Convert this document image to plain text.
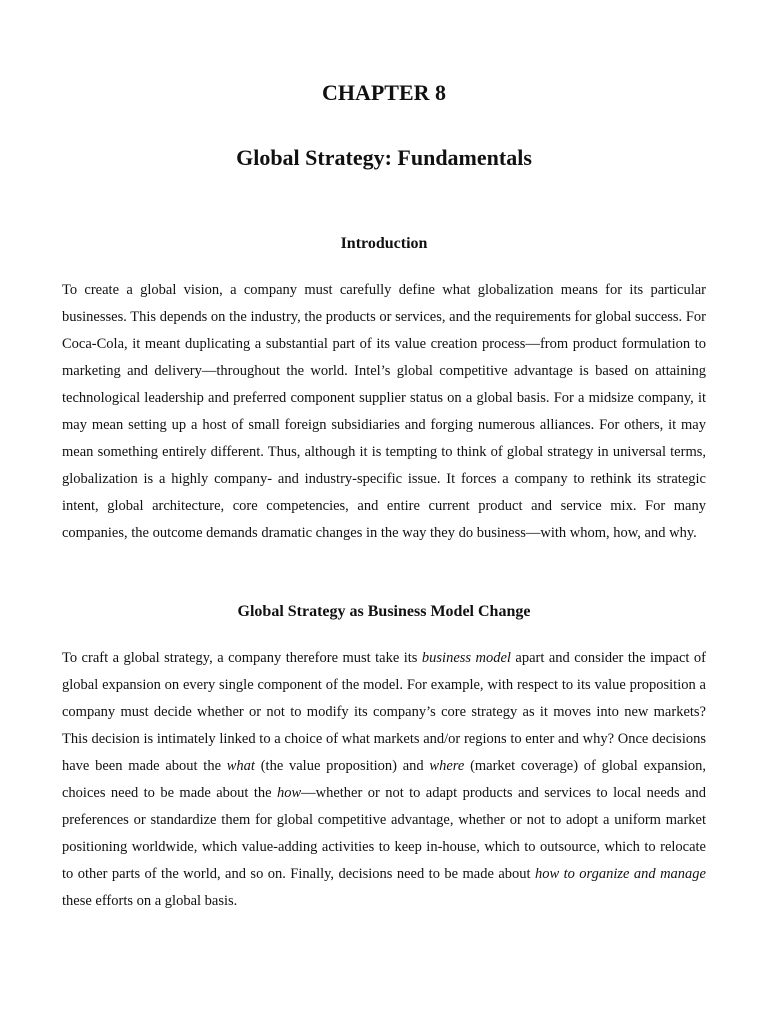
CHAPTER 8
Global Strategy: Fundamentals
Introduction

To create a global vision, a company must carefully define what globalization means for its particular businesses. This depends on the industry, the products or services, and the requirements for global success. For Coca-Cola, it meant duplicating a substantial part of its value creation process—from product formulation to marketing and delivery—throughout the world. Intel’s global competitive advantage is based on attaining technological leadership and preferred component supplier status on a global basis. For a midsize company, it may mean setting up a host of small foreign subsidiaries and forging numerous alliances. For others, it may mean something entirely different. Thus, although it is tempting to think of global strategy in universal terms, globalization is a highly company- and industry-specific issue. It forces a company to rethink its strategic intent, global architecture, core competencies, and entire current product and service mix. For many companies, the outcome demands dramatic changes in the way they do business—with whom, how, and why.

Global Strategy as Business Model Change

To craft a global strategy, a company therefore must take its business model apart and consider the impact of global expansion on every single component of the model. For example, with respect to its value proposition a company must decide whether or not to modify its company’s core strategy as it moves into new markets? This decision is intimately linked to a choice of what markets and/or regions to enter and why? Once decisions have been made about the what (the value proposition) and where (market coverage) of global expansion, choices need to be made about the how—whether or not to adapt products and services to local needs and preferences or standardize them for global competitive advantage, whether or not to adopt a uniform market positioning worldwide, which value-adding activities to keep in-house, which to outsource, which to relocate to other parts of the world, and so on. Finally, decisions need to be made about how to organize and manage these efforts on a global basis.
